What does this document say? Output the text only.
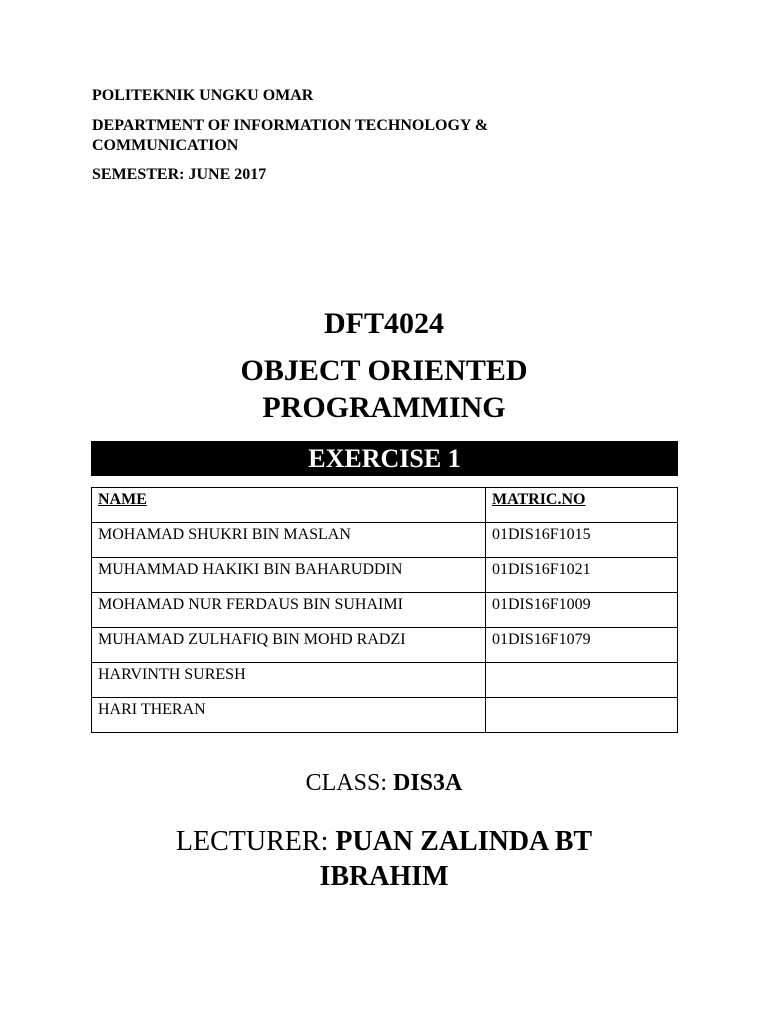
POLITEKNIK UNGKU OMAR
DEPARTMENT OF INFORMATION TECHNOLOGY & COMMUNICATION
SEMESTER: JUNE 2017
DFT4024
OBJECT ORIENTED
PROGRAMMING
EXERCISE 1
NAME	MATRIC.NO
MOHAMAD SHUKRI BIN MASLAN	01DIS16F1015
MUHAMMAD HAKIKI BIN BAHARUDDIN	01DIS16F1021
MOHAMAD NUR FERDAUS BIN SUHAIMI	01DIS16F1009
MUHAMAD ZULHAFIQ BIN MOHD RADZI	01DIS16F1079
HARVINTH SURESH	
HARI THERAN	
CLASS: DIS3A
LECTURER: PUAN ZALINDA BT
IBRAHIM
